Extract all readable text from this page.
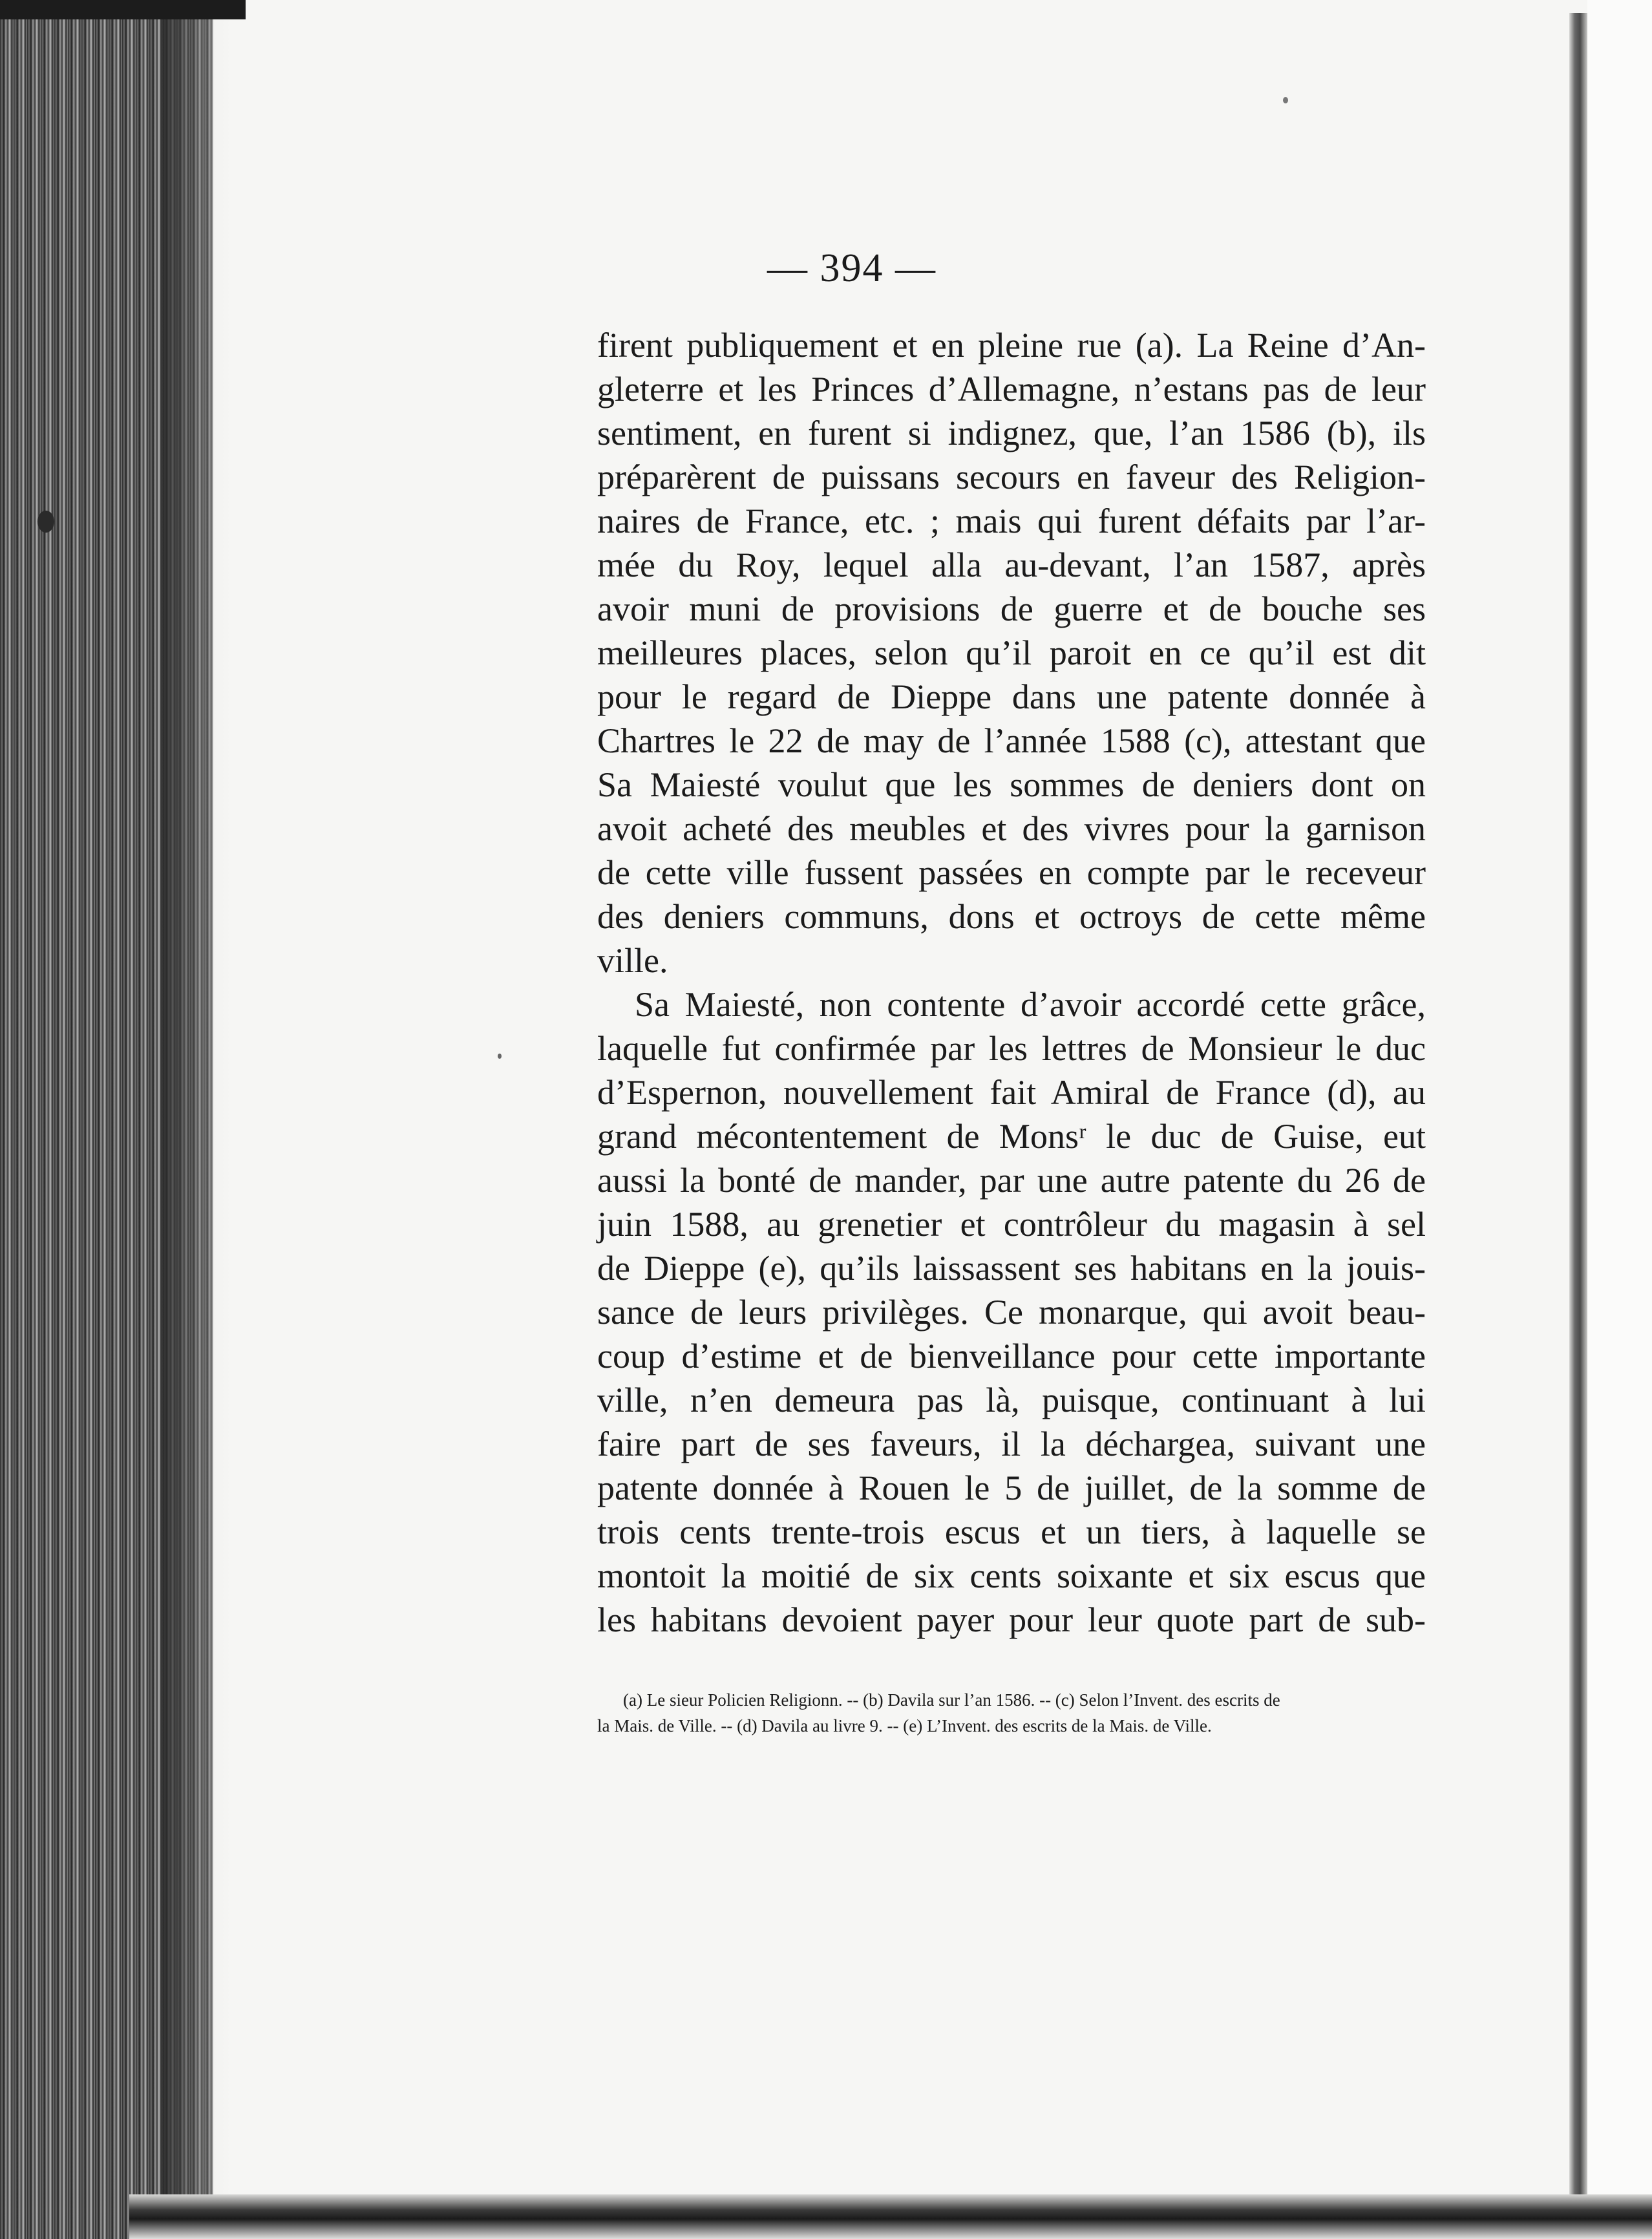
— 394 —
firent publiquement et en pleine rue (a). La Reine d’An-
gleterre et les Princes d’Allemagne, n’estans pas de leur
sentiment, en furent si indignez, que, l’an 1586 (b), ils
préparèrent de puissans secours en faveur des Religion-
naires de France, etc. ; mais qui furent défaits par l’ar-
mée du Roy, lequel alla au-devant, l’an 1587, après
avoir muni de provisions de guerre et de bouche ses
meilleures places, selon qu’il paroit en ce qu’il est dit
pour le regard de Dieppe dans une patente donnée à
Chartres le 22 de may de l’année 1588 (c), attestant que
Sa Maiesté voulut que les sommes de deniers dont on
avoit acheté des meubles et des vivres pour la garnison
de cette ville fussent passées en compte par le receveur
des deniers communs, dons et octroys de cette même
ville.
Sa Maiesté, non contente d’avoir accordé cette grâce,
laquelle fut confirmée par les lettres de Monsieur le duc
d’Espernon, nouvellement fait Amiral de France (d), au
grand mécontentement de Monsʳ le duc de Guise, eut
aussi la bonté de mander, par une autre patente du 26 de
juin 1588, au grenetier et contrôleur du magasin à sel
de Dieppe (e), qu’ils laissassent ses habitans en la jouis-
sance de leurs privilèges. Ce monarque, qui avoit beau-
coup d’estime et de bienveillance pour cette importante
ville, n’en demeura pas là, puisque, continuant à lui
faire part de ses faveurs, il la déchargea, suivant une
patente donnée à Rouen le 5 de juillet, de la somme de
trois cents trente-trois escus et un tiers, à laquelle se
montoit la moitié de six cents soixante et six escus que
les habitans devoient payer pour leur quote part de sub-
(a) Le sieur Policien Religionn. -- (b) Davila sur l’an 1586. -- (c) Selon l’Invent. des escrits de
la Mais. de Ville. -- (d) Davila au livre 9. -- (e) L’Invent. des escrits de la Mais. de Ville.
